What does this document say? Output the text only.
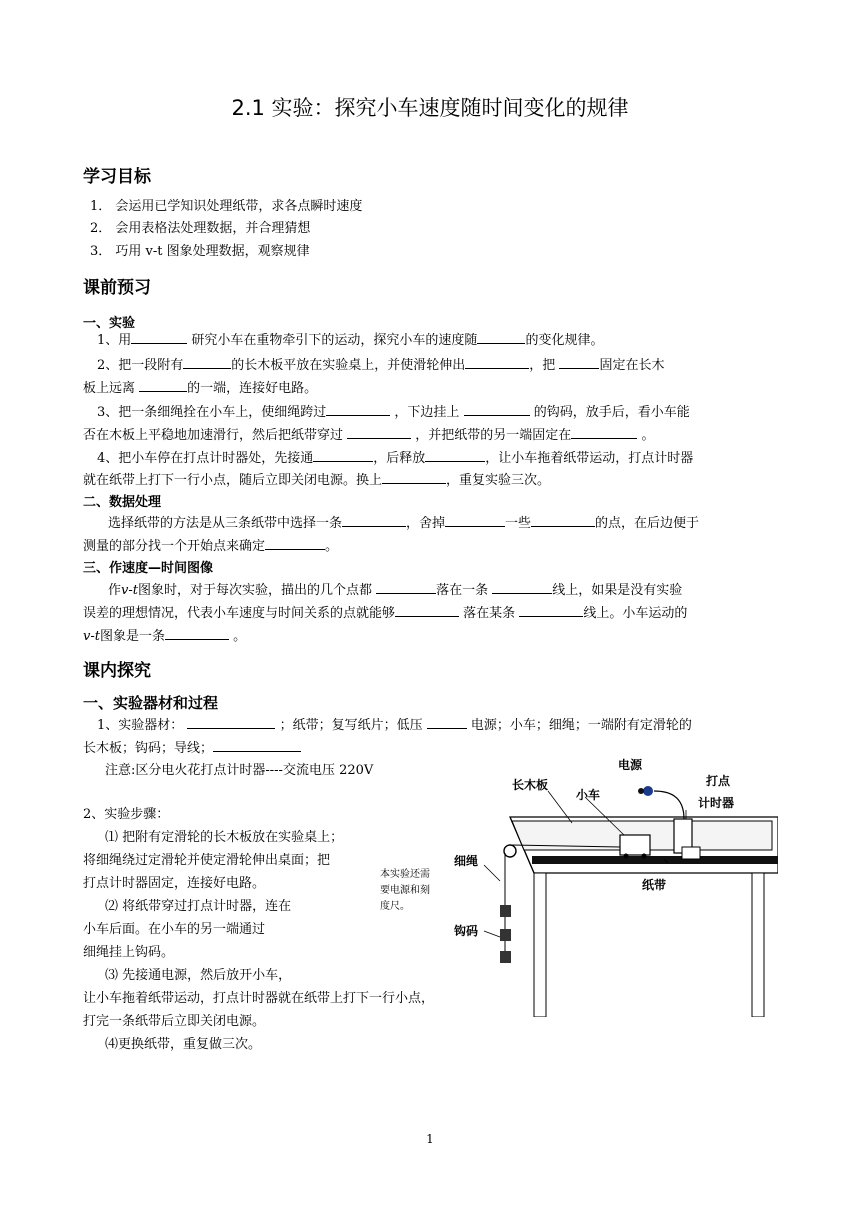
2.1 实验：探究小车速度随时间变化的规律
学习目标
1． 会运用已学知识处理纸带，求各点瞬时速度
2． 会用表格法处理数据，并合理猜想
3． 巧用 v-t 图象处理数据，观察规律
课前预习
一、实验
1、用	研究小车在重物牵引下的运动，探究小车的速度随	的变化规律。
2、把一段附有	的长木板平放在实验桌上，并使滑轮伸出	，把	固定在长木
板上远离	的一端，连接好电路。
3、把一条细绳拴在小车上，使细绳跨过	，下边挂上	的钩码，放手后，看小车能
否在木板上平稳地加速滑行，然后把纸带穿过	，并把纸带的另一端固定在	。
4、把小车停在打点计时器处，先接通	，后释放	，让小车拖着纸带运动，打点计时器
就在纸带上打下一行小点，随后立即关闭电源。换上	，重复实验三次。
二、数据处理
选择纸带的方法是从三条纸带中选择一条	，舍掉	一些	的点，在后边便于
测量的部分找一个开始点来确定	。
三、作速度—时间图像
作v-t图象时，对于每次实验，描出的几个点都	落在一条	线上，如果是没有实验
误差的理想情况，代表小车速度与时间关系的点就能够	落在某条	线上。小车运动的
v-t图象是一条	。
课内探究
一、实验器材和过程
1、实验器材：	；纸带；复写纸片；低压	电源；小车；细绳；一端附有定滑轮的
长木板；钩码；导线；
注意:区分电火花打点计时器----交流电压 220V
2、实验步骤：
⑴ 把附有定滑轮的长木板放在实验桌上；
将细绳绕过定滑轮并使定滑轮伸出桌面；把
打点计时器固定，连接好电路。
⑵ 将纸带穿过打点计时器，连在
小车后面。在小车的另一端通过
细绳挂上钩码。
⑶ 先接通电源，然后放开小车，
让小车拖着纸带运动，打点计时器就在纸带上打下一行小点，
打完一条纸带后立即关闭电源。
⑷更换纸带，重复做三次。
电源
打点
计时器
长木板
小车
细绳
纸带
钩码
本实验还需
要电源和刻
度尺。
1
